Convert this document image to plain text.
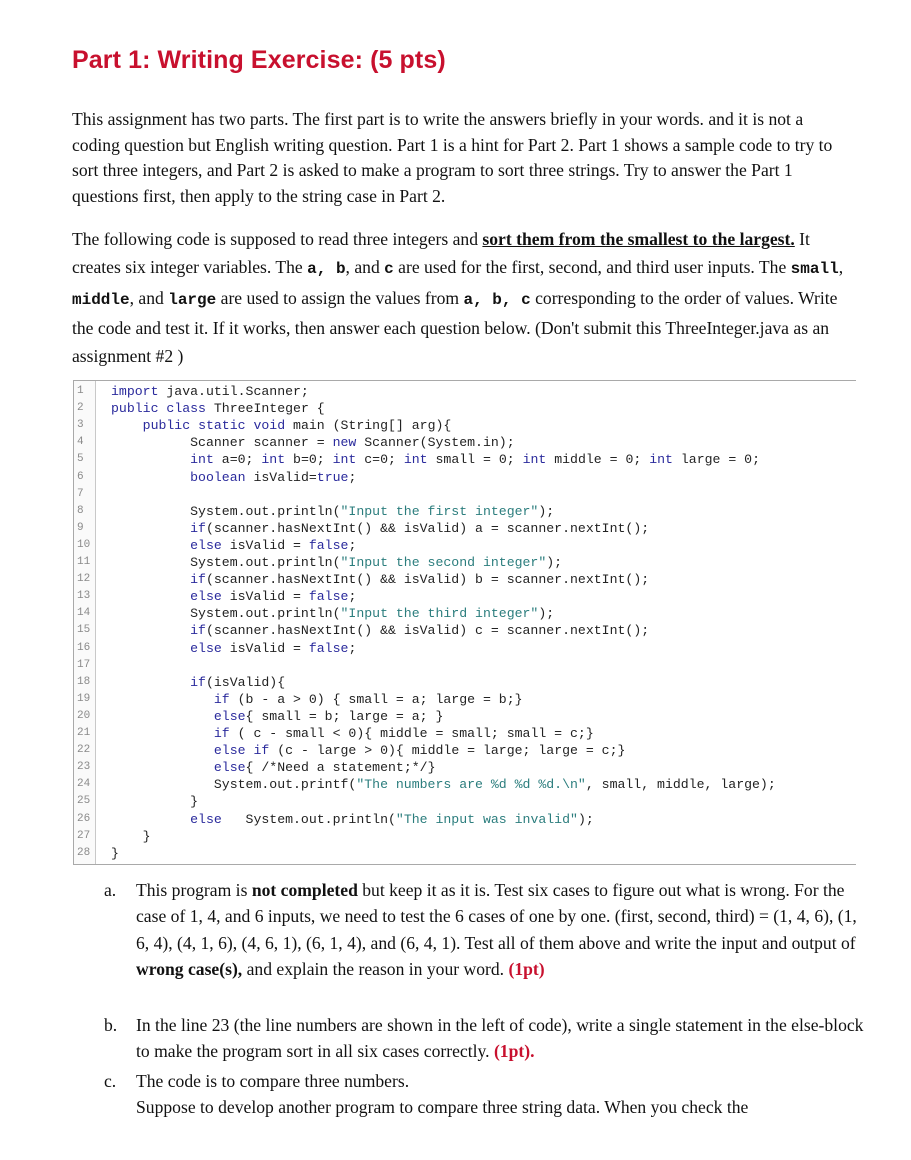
Part 1: Writing Exercise: (5 pts)

This assignment has two parts. The first part is to write the answers briefly in your words. and it is not a coding question but English writing question. Part 1 is a hint for Part 2. Part 1 shows a sample code to try to sort three integers, and Part 2 is asked to make a program to sort three strings. Try to answer the Part 1 questions first, then apply to the string case in Part 2.

The following code is supposed to read three integers and sort them from the smallest to the largest. It creates six integer variables. The a, b, and c are used for the first, second, and third user inputs. The small, middle, and large are used to assign the values from a, b, c corresponding to the order of values. Write the code and test it. If it works, then answer each question below. (Don't submit this ThreeInteger.java as an assignment #2 )

1	import java.util.Scanner;
2	public class ThreeInteger {
3	public static void main (String[] arg){
4	Scanner scanner = new Scanner(System.in);
5	int a=0; int b=0; int c=0; int small = 0; int middle = 0; int large = 0;
6	boolean isValid=true;
7
8	System.out.println("Input the first integer");
9	if(scanner.hasNextInt() && isValid) a = scanner.nextInt();
10	else isValid = false;
11	System.out.println("Input the second integer");
12	if(scanner.hasNextInt() && isValid) b = scanner.nextInt();
13	else isValid = false;
14	System.out.println("Input the third integer");
15	if(scanner.hasNextInt() && isValid) c = scanner.nextInt();
16	else isValid = false;
17
18	if(isValid){
19	if (b - a > 0) { small = a; large = b;}
20	else{ small = b; large = a; }
21	if ( c - small < 0){ middle = small; small = c;}
22	else if (c - large > 0){ middle = large; large = c;}
23	else{ /*Need a statement;*/}
24	System.out.printf("The numbers are %d %d %d.\n", small, middle, large);
25	}
26	else   System.out.println("The input was invalid");
27	}
28	}
a. This program is not completed but keep it as it is. Test six cases to figure out what is wrong. For the case of 1, 4, and 6 inputs, we need to test the 6 cases of one by one. (first, second, third) = (1, 4, 6), (1, 6, 4), (4, 1, 6), (4, 6, 1), (6, 1, 4), and (6, 4, 1). Test all of them above and write the input and output of wrong case(s), and explain the reason in your word. (1pt)
b. In the line 23 (the line numbers are shown in the left of code), write a single statement in the else-block to make the program sort in all six cases correctly. (1pt).
c. The code is to compare three numbers.
Suppose to develop another program to compare three string data. When you check the
